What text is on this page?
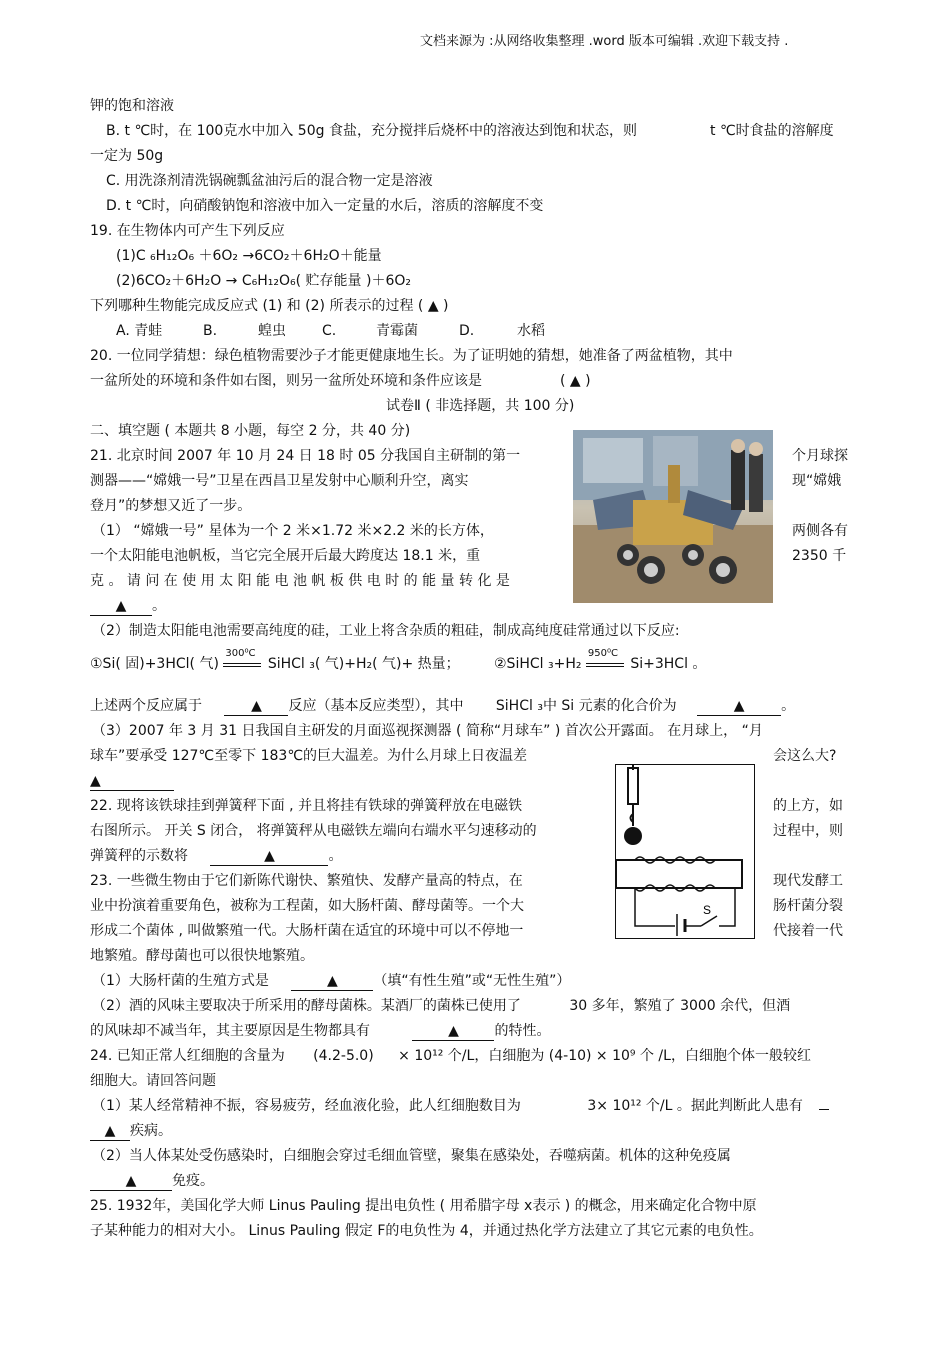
文档来源为 :从网络收集整理 .word 版本可编辑 .欢迎下载支持 .
钾的饱和溶液
B. t ℃时，在 100克水中加入 50g 食盐，充分搅拌后烧杯中的溶液达到饱和状态，则	t ℃时食盐的溶解度
一定为 50g
C. 用洗涤剂清洗锅碗瓢盆油污后的混合物一定是溶液
D. t ℃时，向硝酸钠饱和溶液中加入一定量的水后，溶质的溶解度不变
19. 在生物体内可产生下列反应
(1)C ₆H₁₂O₆ ＋6O₂ →6CO₂＋6H₂O＋能量
(2)6CO₂＋6H₂O → C₆H₁₂O₆( 贮存能量 )＋6O₂
下列哪种生物能完成反应式 (1) 和 (2) 所表示的过程 ( ▲ )
A. 青蛙	B.	蝗虫	C.	青霉菌	D.	水稻
20. 一位同学猜想：绿色植物需要沙子才能更健康地生长。为了证明她的猜想，她准备了两盆植物，其中
一盆所处的环境和条件如右图，则另一盆所处环境和条件应该是	( ▲ )
试卷Ⅱ ( 非选择题，共 100 分)
二、填空题 ( 本题共 8 小题，每空 2 分，共 40 分)
21. 北京时间 2007 年 10 月 24 日 18 时 05 分我国自主研制的第一	个月球探
测器——“嫦娥一号”卫星在西昌卫星发射中心顺利升空，离实	现“嫦娥
登月”的梦想又近了一步。
（1） “嫦娥一号” 星体为一个 2 米×1.72 米×2.2 米的长方体，	两侧各有
一个太阳能电池帆板，当它完全展开后最大跨度达 18.1 米，重	2350 千
克 。 请 问 在 使 用 太 阳 能 电 池 帆 板 供 电 时 的 能 量 转 化 是
▲ 。
（2）制造太阳能电池需要高纯度的硅，工业上将含杂质的粗硅，制成高纯度硅常通过以下反应:
①Si( 固)+3HCl( 气)
300⁰C
SiHCl ₃( 气)+H₂( 气)+ 热量； ②SiHCl ₃+H₂
950⁰C
Si+3HCl 。
上述两个反应属于	▲ 反应（基本反应类型），其中 SiHCl ₃中 Si 元素的化合价为	▲	。
（3）2007 年 3 月 31 日我国自主研发的月面巡视探测器 ( 简称“月球车” ) 首次公开露面。 在月球上， “月
球车”要承受 127℃至零下 183℃的巨大温差。为什么月球上日夜温差	会这么大?
▲
S
22. 现将该铁球挂到弹簧秤下面 , 并且将挂有铁球的弹簧秤放在电磁铁	的上方，如
右图所示。 开关 S 闭合， 将弹簧秤从电磁铁左端向右端水平匀速移动的	过程中，则
弹簧秤的示数将	▲	。
23. 一些微生物由于它们新陈代谢快、繁殖快、发酵产量高的特点，在	现代发酵工
业中扮演着重要角色，被称为工程菌，如大肠杆菌、酵母菌等。一个大	肠杆菌分裂
形成二个菌体 , 叫做繁殖一代。大肠杆菌在适宜的环境中可以不停地一	代接着一代
地繁殖。酵母菌也可以很快地繁殖。
（1）大肠杆菌的生殖方式是	▲	（填“有性生殖”或“无性生殖”）
（2）酒的风味主要取决于所采用的酵母菌株。某酒厂的菌株已使用了	30 多年，繁殖了 3000 余代，但酒
的风味却不减当年，其主要原因是生物都具有	▲	的特性。
24. 已知正常人红细胞的含量为 (4.2-5.0) × 10¹² 个/L，白细胞为 (4-10) × 10⁹ 个 /L，白细胞个体一般较红
细胞大。请回答问题
（1）某人经常精神不振，容易疲劳，经血液化验，此人红细胞数目为	3× 10¹² 个/L 。据此判断此人患有
▲ 疾病。
（2）当人体某处受伤感染时，白细胞会穿过毛细血管壁，聚集在感染处，吞噬病菌。机体的这种免疫属
▲	免疫。
25. 1932年，美国化学大师 Linus Pauling 提出电负性 ( 用希腊字母 x表示 ) 的概念，用来确定化合物中原
子某种能力的相对大小。 Linus Pauling 假定 F的电负性为 4，并通过热化学方法建立了其它元素的电负性。
